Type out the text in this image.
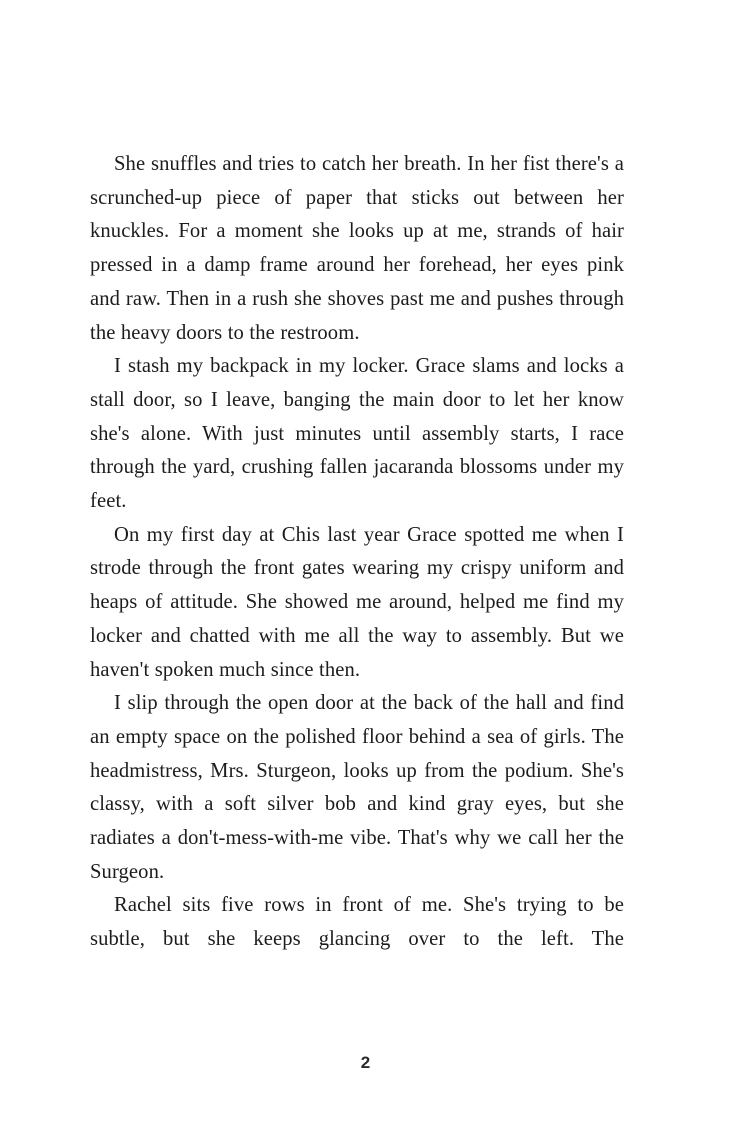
She snuffles and tries to catch her breath. In her fist there's a scrunched-up piece of paper that sticks out between her knuckles. For a moment she looks up at me, strands of hair pressed in a damp frame around her forehead, her eyes pink and raw. Then in a rush she shoves past me and pushes through the heavy doors to the restroom.

I stash my backpack in my locker. Grace slams and locks a stall door, so I leave, banging the main door to let her know she's alone. With just minutes until assembly starts, I race through the yard, crushing fallen jacaranda blossoms under my feet.

On my first day at Chis last year Grace spotted me when I strode through the front gates wearing my crispy uniform and heaps of attitude. She showed me around, helped me find my locker and chatted with me all the way to assembly. But we haven't spoken much since then.

I slip through the open door at the back of the hall and find an empty space on the polished floor behind a sea of girls. The headmistress, Mrs. Sturgeon, looks up from the podium. She's classy, with a soft silver bob and kind gray eyes, but she radiates a don't-mess-with-me vibe. That's why we call her the Surgeon.

Rachel sits five rows in front of me. She's trying to be subtle, but she keeps glancing over to the left. The

2
